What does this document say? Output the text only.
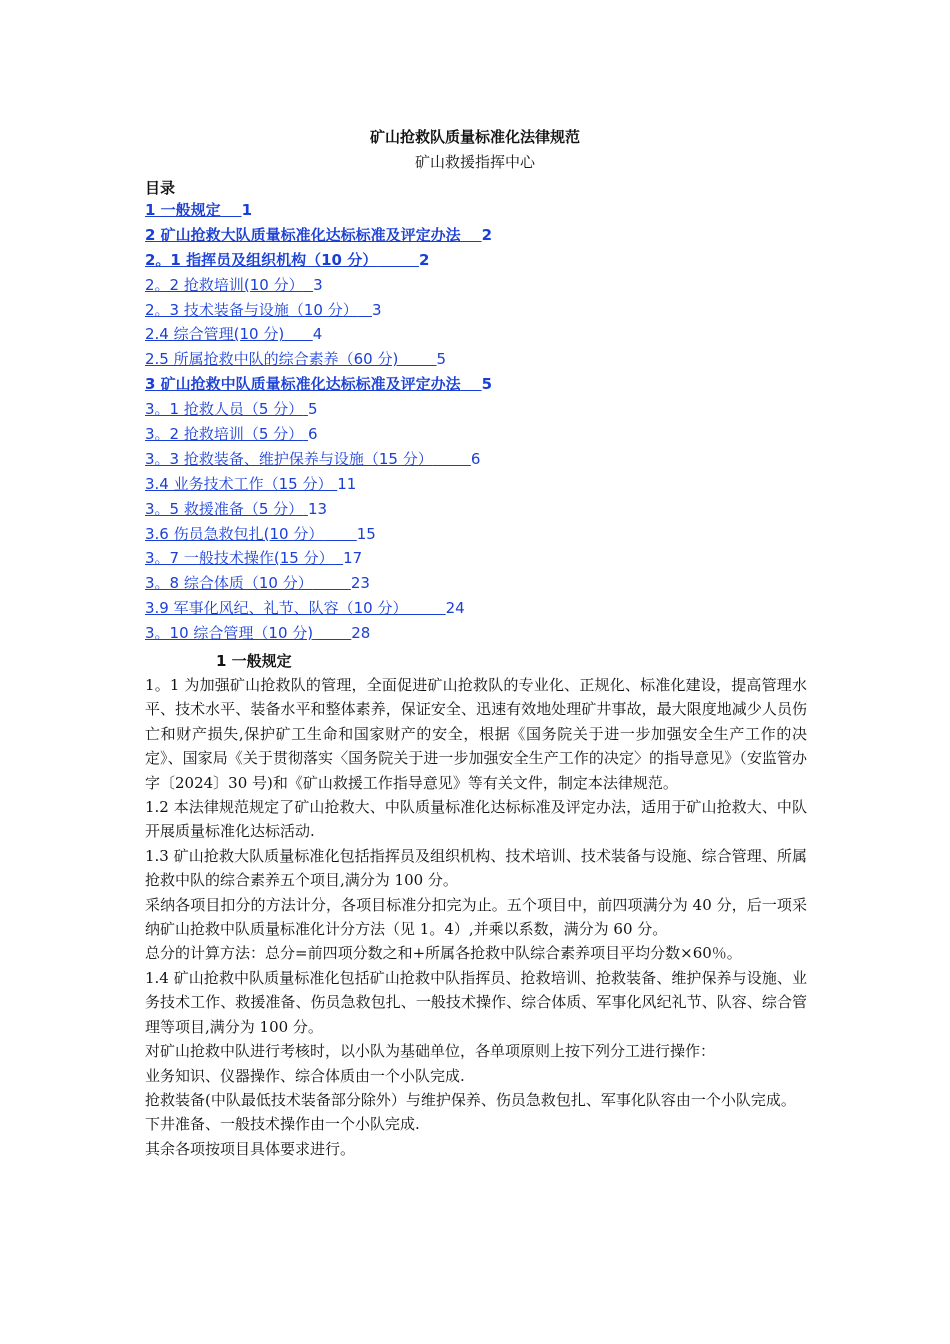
矿山抢救队质量标准化法律规范
矿山救援指挥中心
目录
1 一般规定 1
2 矿山抢救大队质量标准化达标标准及评定办法 2
2。1 指挥员及组织机构（10 分）	2
2。2 抢救培训(10 分） 3
2。3 技术装备与设施（10 分） 3
2.4 综合管理(10 分) 4
2.5 所属抢救中队的综合素养（60 分)	5
3 矿山抢救中队质量标准化达标标准及评定办法 5
3。1 抢救人员（5 分） 5
3。2 抢救培训（5 分） 6
3。3 抢救装备、维护保养与设施（15 分）	6
3.4 业务技术工作（15 分） 11
3。5 救援准备（5 分） 13
3.6 伤员急救包扎(10 分） 15
3。7 一般技术操作(15 分） 17
3。8 综合体质（10 分）	23
3.9 军事化风纪、礼节、队容（10 分）	24
3。10 综合管理（10 分)	28
1 一般规定

1。1 为加强矿山抢救队的管理，全面促进矿山抢救队的专业化、正规化、标准化建设，提高管理水平、技术水平、装备水平和整体素养，保证安全、迅速有效地处理矿井事故，最大限度地减少人员伤亡和财产损失,保护矿工生命和国家财产的安全，根据《国务院关于进一步加强安全生产工作的决定》、国家局《关于贯彻落实〈国务院关于进一步加强安全生产工作的决定〉的指导意见》（安监管办字〔2024〕30 号)和《矿山救援工作指导意见》等有关文件，制定本法律规范。

1.2 本法律规范规定了矿山抢救大、中队质量标准化达标标准及评定办法，适用于矿山抢救大、中队开展质量标准化达标活动.

1.3 矿山抢救大队质量标准化包括指挥员及组织机构、技术培训、技术装备与设施、综合管理、所属抢救中队的综合素养五个项目,满分为 100 分。

采纳各项目扣分的方法计分，各项目标准分扣完为止。五个项目中，前四项满分为 40 分，后一项采纳矿山抢救中队质量标准化计分方法（见 1。4）,并乘以系数，满分为 60 分。

总分的计算方法：总分=前四项分数之和+所属各抢救中队综合素养项目平均分数×60％。

1.4 矿山抢救中队质量标准化包括矿山抢救中队指挥员、抢救培训、抢救装备、维护保养与设施、业务技术工作、救援准备、伤员急救包扎、一般技术操作、综合体质、军事化风纪礼节、队容、综合管理等项目,满分为 100 分。

对矿山抢救中队进行考核时，以小队为基础单位，各单项原则上按下列分工进行操作：

业务知识、仪器操作、综合体质由一个小队完成.

抢救装备(中队最低技术装备部分除外）与维护保养、伤员急救包扎、军事化队容由一个小队完成。

下井准备、一般技术操作由一个小队完成.

其余各项按项目具体要求进行。
